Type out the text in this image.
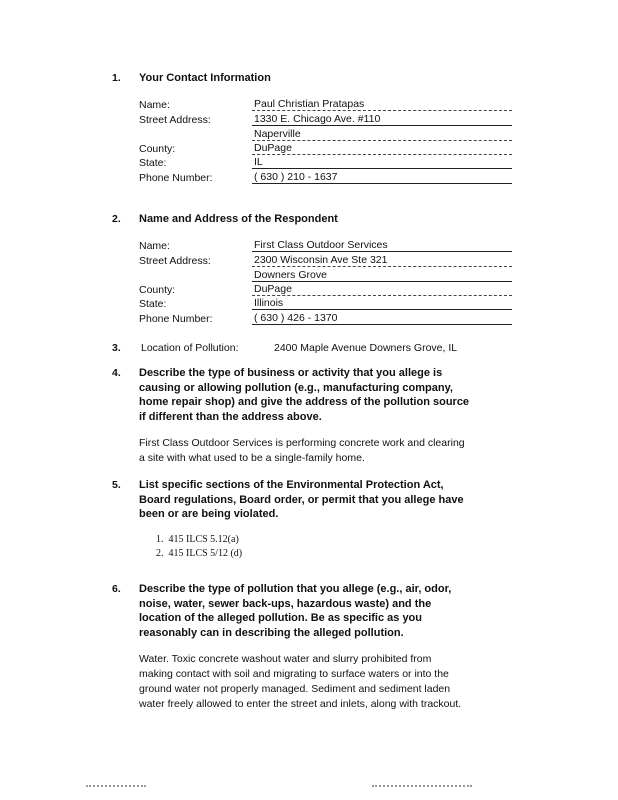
1. Your Contact Information
Name:	Paul Christian Pratapas
Street Address:	1330 E. Chicago Ave. #110
Naperville
County:	DuPage
State:	IL
Phone Number:	( 630 ) 210 - 1637
2. Name and Address of the Respondent
Name:	First Class Outdoor Services
Street Address:	2300 Wisconsin Ave Ste 321
Downers Grove
County:	DuPage
State:	Illinois
Phone Number:	( 630 ) 426 - 1370
3. Location of Pollution:	2400 Maple Avenue Downers Grove, IL
4. Describe the type of business or activity that you allege is
causing or allowing pollution (e.g., manufacturing company,
home repair shop) and give the address of the pollution source
if different than the address above.
First Class Outdoor Services is performing concrete work and clearing
a site with what used to be a single-family home.
5. List specific sections of the Environmental Protection Act,
Board regulations, Board order, or permit that you allege have
been or are being violated.
1. 415 ILCS 5.12(a)
2. 415 ILCS 5/12 (d)
6. Describe the type of pollution that you allege (e.g., air, odor,
noise, water, sewer back-ups, hazardous waste) and the
location of the alleged pollution. Be as specific as you
reasonably can in describing the alleged pollution.
Water. Toxic concrete washout water and slurry prohibited from
making contact with soil and migrating to surface waters or into the
ground water not properly managed. Sediment and sediment laden
water freely allowed to enter the street and inlets, along with trackout.
